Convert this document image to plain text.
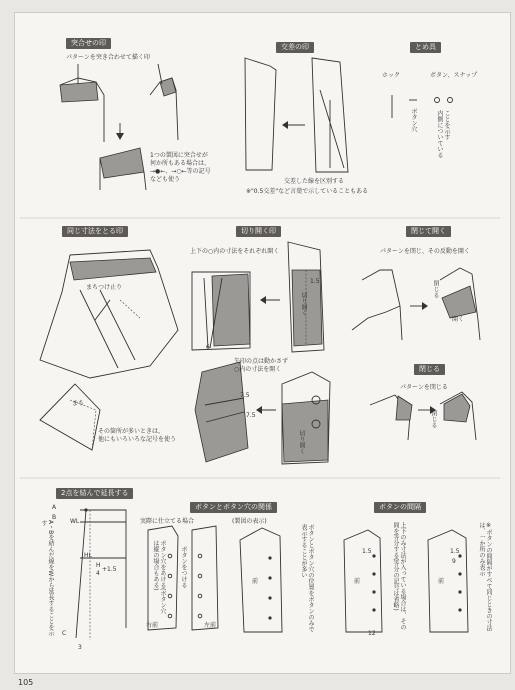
突合せの印	交差の印	とめ具
同じ寸法をとる印	切り開く印	閉じて開く
閉じる
2点を結んで延長する
ボタンとボタン穴の関係	ボタンの間隔
パターンを突き合わせて描く印
1つの製図に突合せが
何か所もある場合は、
→●←、→○←等の記号
なども使う	交差した線を区別する
※"0.5交差"など言葉で示していることもある
ホック	ボタン、スナップ
ボタン穴	ことを示す
内側についている
まちつけ止り
まち
その箇所が多いときは、
他にもいろいろな記号を使う
上下の○内の寸法をそれぞれ開く
切り開く
1.5
6
矢印の点は動かさず
○内の寸法を開く
7.5
7.5
切り開く
パターンを閉じ、その反動を開く
閉じる
開く
パターンを閉じる
閉じる
A
B
WL
HL
C
3
H
4
+1.5
A・Bを結んだ線をWから延長することを示す	実際に仕立てる場合	(製図の表示)
ボタン穴をあける(ボタン穴は縦の場合もある)	ボタンをつける
右前	左前
前	ボタンとボタン穴の位置をボタンのみで表示することが多い
前	前
1.5
12
1.5
9
上下のみ寸法が入っている場合は、その間を等分する(等分の記号は省略)	※ボタンの間隔がすべて同じときの寸法は、一か所のみ表示
105
